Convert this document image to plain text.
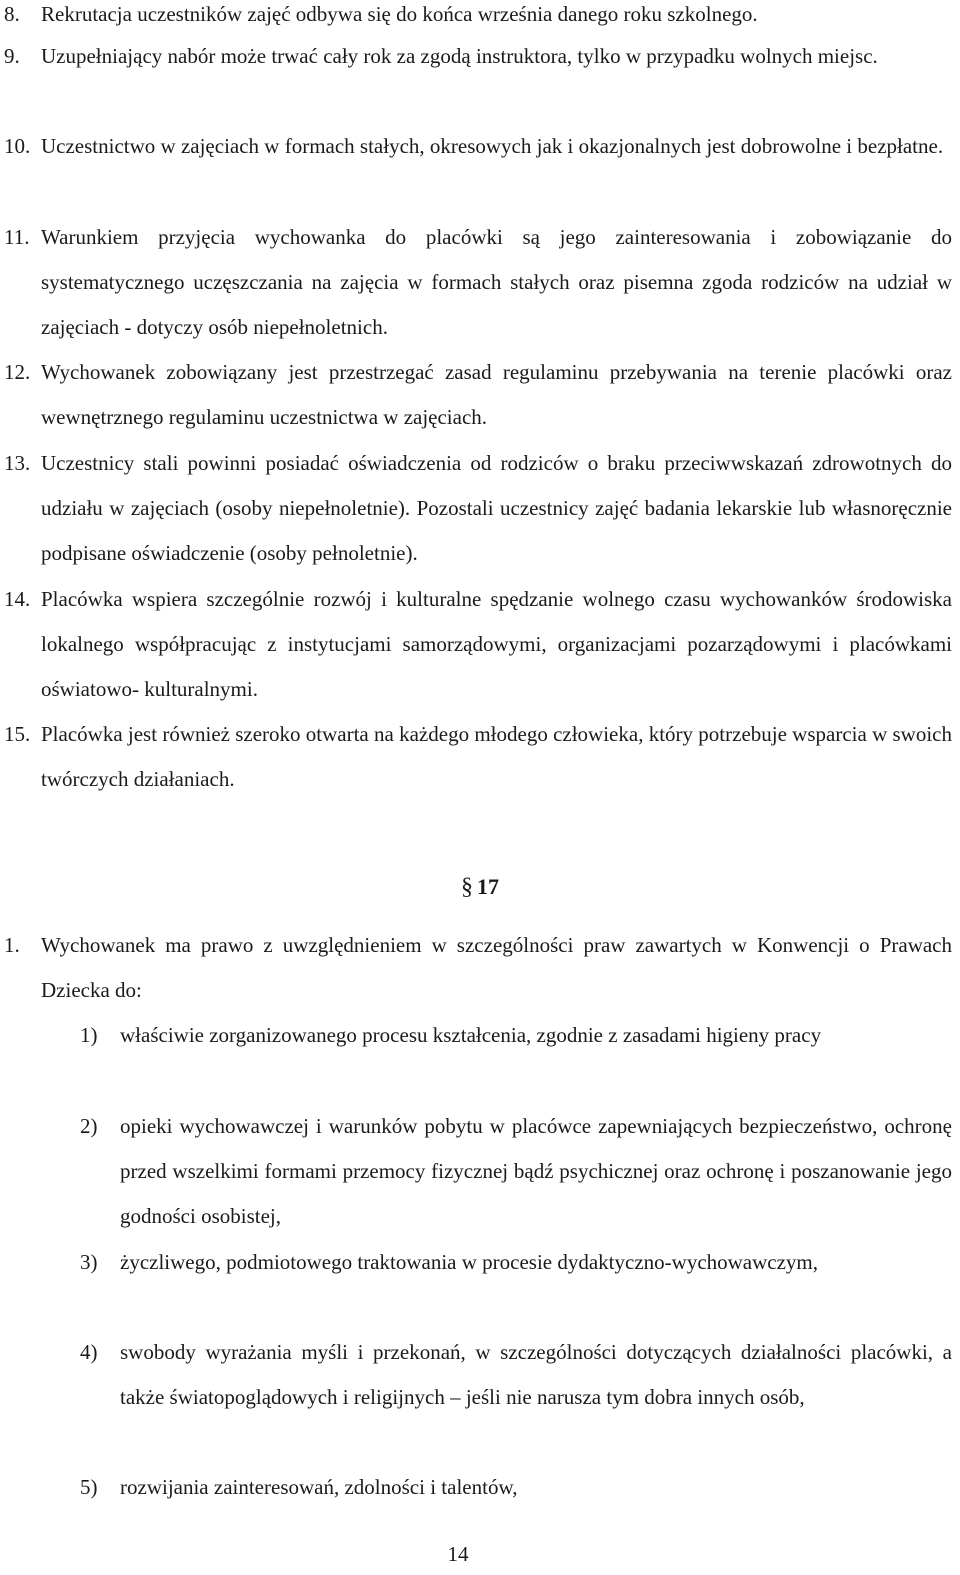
8. Rekrutacja uczestników zajęć odbywa się do końca września danego roku szkolnego.
9. Uzupełniający nabór może trwać cały rok za zgodą instruktora, tylko w przypadku wolnych miejsc.
10. Uczestnictwo w zajęciach w formach stałych, okresowych jak i okazjonalnych jest dobrowolne i bezpłatne.
11. Warunkiem przyjęcia wychowanka do placówki są jego zainteresowania i zobowiązanie do systematycznego uczęszczania na zajęcia w formach stałych oraz pisemna zgoda rodziców na udział w zajęciach - dotyczy osób niepełnoletnich.
12. Wychowanek zobowiązany jest przestrzegać zasad regulaminu przebywania na terenie placówki oraz wewnętrznego regulaminu uczestnictwa w zajęciach.
13. Uczestnicy stali powinni posiadać oświadczenia od rodziców o braku przeciwwskazań zdrowotnych do udziału w zajęciach (osoby niepełnoletnie). Pozostali uczestnicy zajęć badania lekarskie lub własnoręcznie podpisane oświadczenie (osoby pełnoletnie).
14. Placówka wspiera szczególnie rozwój i kulturalne spędzanie wolnego czasu wychowanków środowiska lokalnego współpracując z instytucjami samorządowymi, organizacjami pozarządowymi i placówkami oświatowo- kulturalnymi.
15. Placówka jest również szeroko otwarta na każdego młodego człowieka, który potrzebuje wsparcia w swoich twórczych działaniach.
§ 17
1. Wychowanek ma prawo z uwzględnieniem w szczególności praw zawartych w Konwencji o Prawach Dziecka do:
1) właściwie zorganizowanego procesu kształcenia, zgodnie z zasadami higieny pracy
2) opieki wychowawczej i warunków pobytu w placówce zapewniających bezpieczeństwo, ochronę przed wszelkimi formami przemocy fizycznej bądź psychicznej oraz ochronę i poszanowanie jego godności osobistej,
3) życzliwego, podmiotowego traktowania w procesie dydaktyczno-wychowawczym,
4) swobody wyrażania myśli i przekonań, w szczególności dotyczących działalności placówki, a także światopoglądowych i religijnych – jeśli nie narusza tym dobra innych osób,
5) rozwijania zainteresowań, zdolności i talentów,
14
